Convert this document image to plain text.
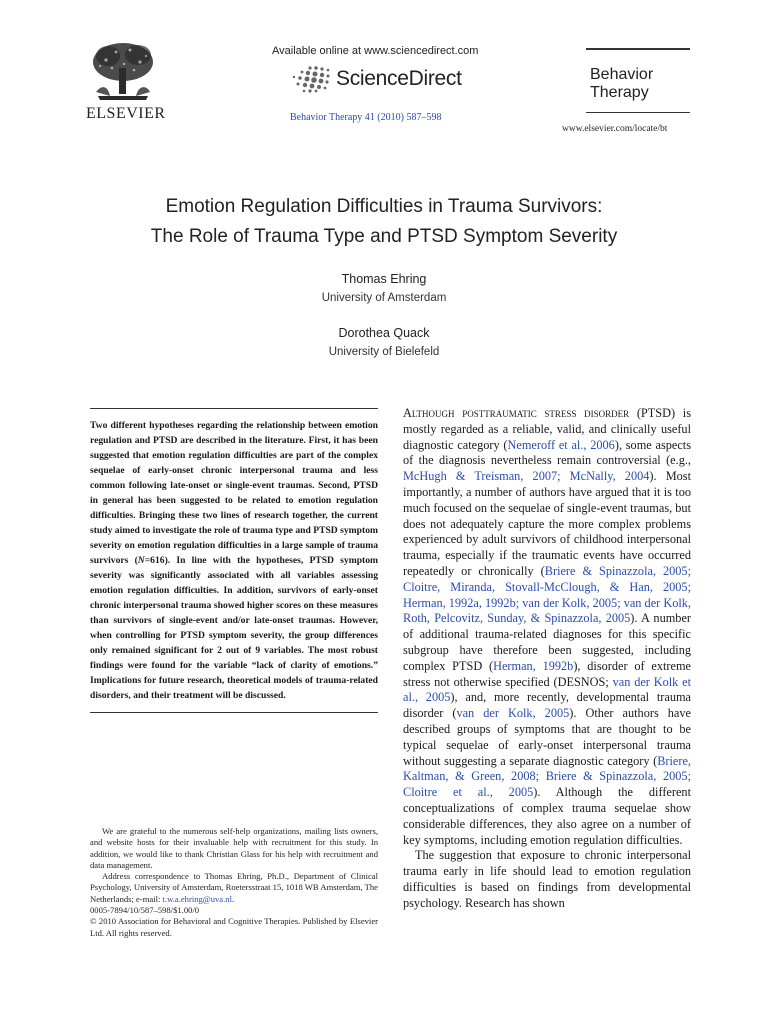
ELSEVIER
Available online at www.sciencedirect.com
ScienceDirect
Behavior Therapy 41 (2010) 587–598
Behavior
Therapy
www.elsevier.com/locate/bt
Emotion Regulation Difficulties in Trauma Survivors:
The Role of Trauma Type and PTSD Symptom Severity
Thomas Ehring
University of Amsterdam
Dorothea Quack
University of Bielefeld
Two different hypotheses regarding the relationship between emotion regulation and PTSD are described in the literature. First, it has been suggested that emotion regulation difficulties are part of the complex sequelae of early-onset chronic interpersonal trauma and less common following late-onset or single-event traumas. Second, PTSD in general has been suggested to be related to emotion regulation difficulties. Bringing these two lines of research together, the current study aimed to investigate the role of trauma type and PTSD symptom severity on emotion regulation difficulties in a large sample of trauma survivors (N=616). In line with the hypotheses, PTSD symptom severity was significantly associated with all variables assessing emotion regulation difficulties. In addition, survivors of early-onset chronic interpersonal trauma showed higher scores on these measures than survivors of single-event and/or late-onset traumas. However, when controlling for PTSD symptom severity, the group differences only remained significant for 2 out of 9 variables. The most robust findings were found for the variable “lack of clarity of emotions.” Implications for future research, theoretical models of trauma-related disorders, and their treatment will be discussed.

We are grateful to the numerous self-help organizations, mailing lists owners, and website hosts for their invaluable help with recruitment for this study. In addition, we would like to thank Christian Glass for his help with recruitment and data management.

Address correspondence to Thomas Ehring, Ph.D., Department of Clinical Psychology, University of Amsterdam, Roetersstraat 15, 1018 WB Amsterdam, The Netherlands; e-mail: t.w.a.ehring@uva.nl.

0005-7894/10/587–598/$1.00/0

© 2010 Association for Behavioral and Cognitive Therapies. Published by Elsevier Ltd. All rights reserved.

Although posttraumatic stress disorder (PTSD) is mostly regarded as a reliable, valid, and clinically useful diagnostic category (Nemeroff et al., 2006), some aspects of the diagnosis nevertheless remain controversial (e.g., McHugh & Treisman, 2007; McNally, 2004). Most importantly, a number of authors have argued that it is too much focused on the sequelae of single-event traumas, but does not adequately capture the more complex problems experienced by adult survivors of childhood interpersonal trauma, especially if the traumatic events have occurred repeatedly or chronically (Briere & Spinazzola, 2005; Cloitre, Miranda, Stovall-McClough, & Han, 2005; Herman, 1992a, 1992b; van der Kolk, 2005; van der Kolk, Roth, Pelcovitz, Sunday, & Spinazzola, 2005). A number of additional trauma-related diagnoses for this specific subgroup have therefore been suggested, including complex PTSD (Herman, 1992b), disorder of extreme stress not otherwise specified (DESNOS; van der Kolk et al., 2005), and, more recently, developmental trauma disorder (van der Kolk, 2005). Other authors have described groups of symptoms that are thought to be typical sequelae of early-onset interpersonal trauma without suggesting a separate diagnostic category (Briere, Kaltman, & Green, 2008; Briere & Spinazzola, 2005; Cloitre et al., 2005). Although the different conceptualizations of complex trauma sequelae show considerable differences, they also agree on a number of key symptoms, including emotion regulation difficulties.

The suggestion that exposure to chronic interpersonal trauma early in life should lead to emotion regulation difficulties is based on findings from developmental psychology. Research has shown
